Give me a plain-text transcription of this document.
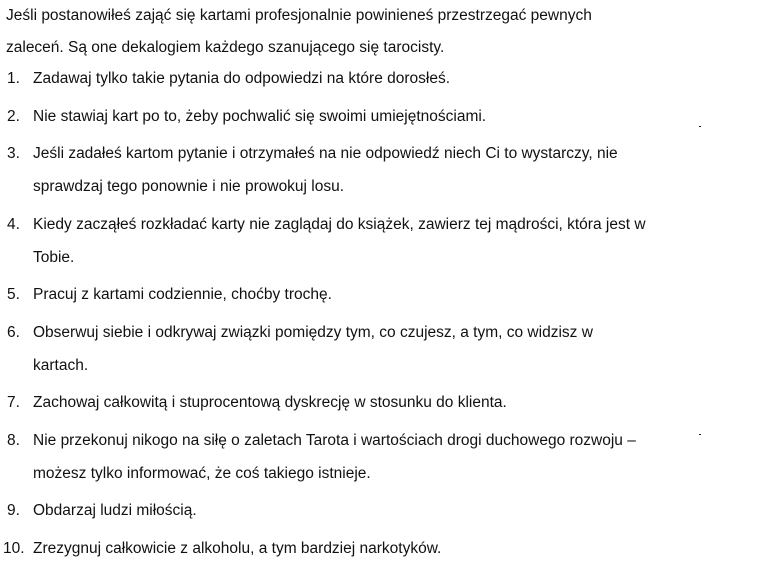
Jeśli postanowiłeś zająć się kartami profesjonalnie powinieneś przestrzegać pewnych
zaleceń. Są one dekalogiem każdego szanującego się tarocisty.

1. Zadawaj tylko takie pytania do odpowiedzi na które dorosłeś.
2. Nie stawiaj kart po to, żeby pochwalić się swoimi umiejętnościami.
3. Jeśli zadałeś kartom pytanie i otrzymałeś na nie odpowiedź niech Ci to wystarczy, nie
sprawdzaj tego ponownie i nie prowokuj losu.
4. Kiedy zacząłeś rozkładać karty nie zaglądaj do książek, zawierz tej mądrości, która jest w
Tobie.
5. Pracuj z kartami codziennie, choćby trochę.
6. Obserwuj siebie i odkrywaj związki pomiędzy tym, co czujesz, a tym, co widzisz w
kartach.
7. Zachowaj całkowitą i stuprocentową dyskrecję w stosunku do klienta.
8. Nie przekonuj nikogo na siłę o zaletach Tarota i wartościach drogi duchowego rozwoju –
możesz tylko informować, że coś takiego istnieje.
9. Obdarzaj ludzi miłością.
10. Zrezygnuj całkowicie z alkoholu, a tym bardziej narkotyków.
